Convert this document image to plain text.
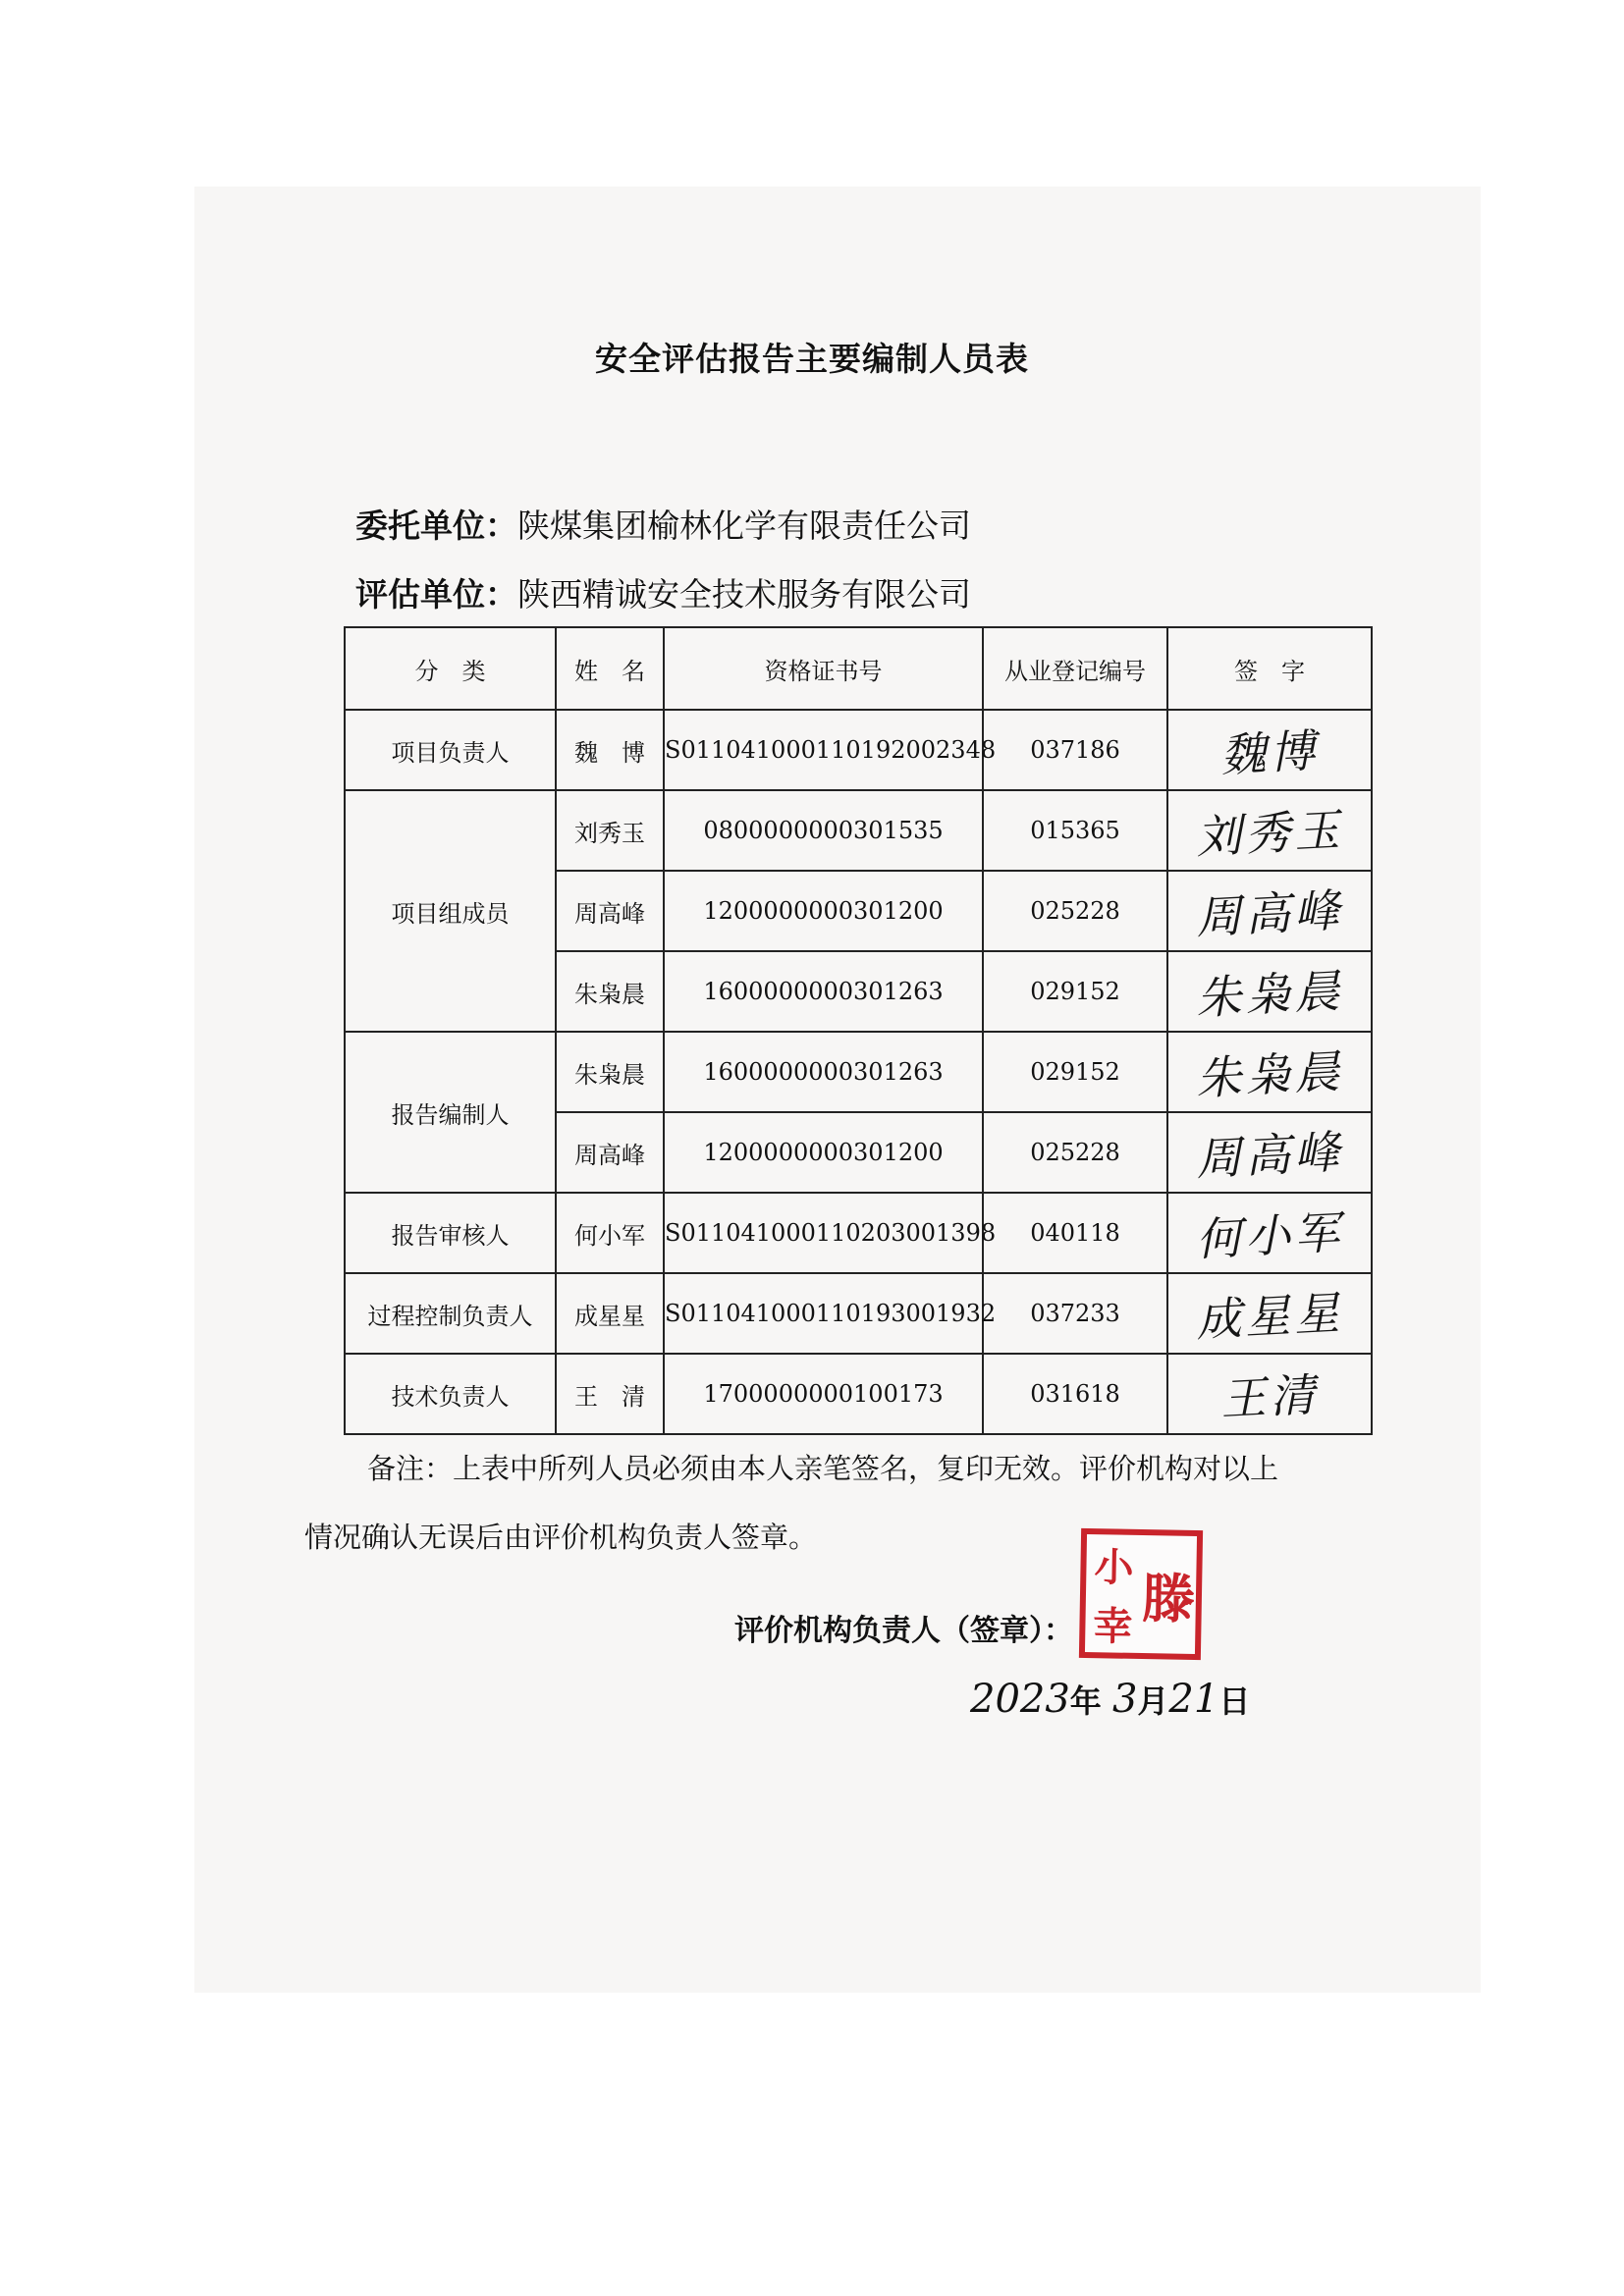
安全评估报告主要编制人员表
委托单位：陕煤集团榆林化学有限责任公司
评估单位：陕西精诚安全技术服务有限公司
分　类	姓　名	资格证书号	从业登记编号	签　字
项目负责人	魏　博	S011041000110192002348	037186	魏博
项目组成员	刘秀玉	0800000000301535	015365	刘秀玉
	周高峰	1200000000301200	025228	周高峰
	朱枭晨	1600000000301263	029152	朱枭晨
报告编制人	朱枭晨	1600000000301263	029152	朱枭晨
	周高峰	1200000000301200	025228	周高峰
报告审核人	何小军	S011041000110203001398	040118	何小军
过程控制负责人	成星星	S011041000110193001932	037233	成星星
技术负责人	王　清	1700000000100173	031618	王清
备注：上表中所列人员必须由本人亲笔签名，复印无效。评价机构对以上
情况确认无误后由评价机构负责人签章。
评价机构负责人（签章）：
小 滕
幸
2023年 3月21日
